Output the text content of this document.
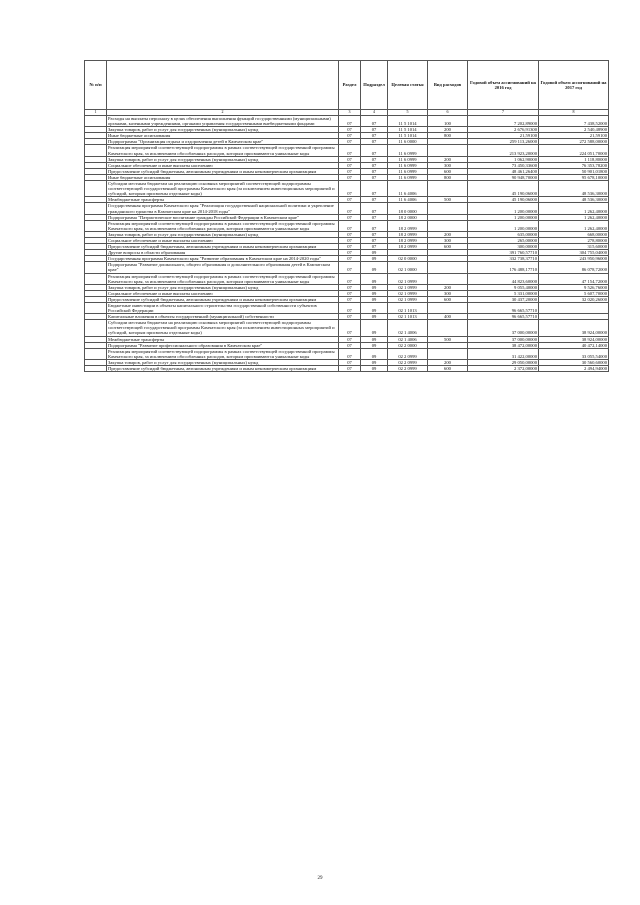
№ п/п		Раздел	Подраздел	Целевая статья	Вид расходов	Годовой объем ассигнований на 2016 год	Годовой объем ассигнований на 2017 год
1	2	3	4	5	6	7	8
	Расходы на выплаты персоналу в целях обеспечения выполнения функций государственными (муниципальными) органами, казенными учреждениями, органами управления государственными внебюджетными фондами	07	07	11 5 1014	100	7 202,89000	7 438,52000
	Закупка товаров, работ и услуг для государственных (муниципальных) нужд	07	07	11 5 1014	200	2 676,91300	2 540,48900
	Иные бюджетные ассигнования	07	07	11 5 1014	800	21,59100	21,59100
	Подпрограмма "Организация отдыха и оздоровления детей в Камчатском крае"	07	07	11 6 0000		259 113,26000	272 588,00000
	Реализация мероприятий соответствующей подпрограммы в рамках соответствующей государственной программы Камчатского края, за исключением обособленных расходов, которым присваиваются уникальные коды	07	07	11 6 0999		213 923,20000	224 051,70000
	Закупка товаров, работ и услуг для государственных (муниципальных) нужд	07	07	11 6 0999	200	1 062,90000	1 118,80000
	Социальное обеспечение и иные выплаты населению	07	07	11 6 0999	300	73 450,33600	76 353,78200
	Предоставление субсидий бюджетным, автономным учреждениям и иным некоммерческим организациям	07	07	11 6 0999	600	48 461,26400	50 901,01800
	Иные бюджетные ассигнования	07	07	11 6 0999	800	90 948,70000	95 678,10000
	Субсидии местным бюджетам на реализацию основных мероприятий соответствующей подпрограммы соответствующей государственной программы Камчатского края (за исключением инвестиционных мероприятий и субсидий, которым присвоены отдельные коды)	07	07	11 6 4006		45 190,06000	48 536,30000
	Межбюджетные трансферты	07	07	11 6 4006	500	45 190,06000	48 536,30000
	Государственная программа Камчатского края "Реализация государственной национальной политики и укрепление гражданского единства в Камчатском крае на 2014-2018 годы"	07	07	18 0 0000		1 200,00000	1 262,40000
	Подпрограмма "Патриотическое воспитание граждан Российской Федерации в Камчатском крае"	07	07	18 2 0000		1 200,00000	1 262,40000
	Реализация мероприятий соответствующей подпрограммы в рамках соответствующей государственной программы Камчатского края, за исключением обособленных расходов, которым присваиваются уникальные коды	07	07	18 2 0999		1 200,00000	1 262,40000
	Закупка товаров, работ и услуг для государственных (муниципальных) нужд	07	07	18 2 0999	200	635,00000	668,00000
	Социальное обеспечение и иные выплаты населению	07	07	18 2 0999	300	265,00000	278,80000
	Предоставление субсидий бюджетным, автономным учреждениям и иным некоммерческим организациям	07	07	18 2 0999	600	300,00000	315,60000
	Другие вопросы в области образования	07	09			391 760,57710	304 755,04000
	Государственная программа Камчатского края "Развитие образования в Камчатском крае на 2014-2020 годы"	07	09	02 0 0000		332 738,37710	243 950,96000
	Подпрограмма "Развитие дошкольного, общего образования и дополнительного образования детей в Камчатском крае"	07	09	02 1 0000		176 488,17710	86 078,72000
	Реализация мероприятий соответствующей подпрограммы в рамках соответствующей государственной программы Камчатского края, за исключением обособленных расходов, которым присваиваются уникальные коды	07	09	02 1 0999		44 823,60000	47 154,72000
	Закупка товаров, работ и услуг для государственных (муниципальных) нужд	07	09	02 1 0999	200	9 055,40000	9 526,76000
	Социальное обеспечение и иные выплаты населению	07	09	02 1 0999	300	5 331,00000	5 607,70000
	Предоставление субсидий бюджетным, автономным учреждениям и иным некоммерческим организациям	07	09	02 1 0999	600	30 437,20000	32 020,26000
	Бюджетные инвестиции в объекты капитального строительства государственной собственности субъектов Российской Федерации	07	09	02 1 1013		96 665,57710	
	Капитальные вложения в объекты государственной (муниципальной) собственности	07	09	02 1 1013	400	96 665,57710	
	Субсидии местным бюджетам на реализацию основных мероприятий соответствующей подпрограммы соответствующей государственной программы Камчатского края (за исключением инвестиционных мероприятий и субсидий, которым присвоены отдельные коды)	07	09	02 1 4006		37 000,00000	38 924,00000
	Межбюджетные трансферты	07	09	02 1 4006	500	37 000,00000	38 924,00000
	Подпрограмма "Развитие профессионального образования в Камчатском крае"	07	09	02 2 0000		38 472,00000	40 472,14000
	Реализация мероприятий соответствующей подпрограммы в рамках соответствующей государственной программы Камчатского края, за исключением обособленных расходов, которым присваиваются уникальные коды	07	09	02 2 0999		31 422,00000	33 055,54000
	Закупка товаров, работ и услуг для государственных (муниципальных) нужд	07	09	02 2 0999	200	29 050,00000	30 560,60000
	Предоставление субсидий бюджетным, автономным учреждениям и иным некоммерческим организациям	07	09	02 2 0999	600	2 372,00000	2 494,94000
29
